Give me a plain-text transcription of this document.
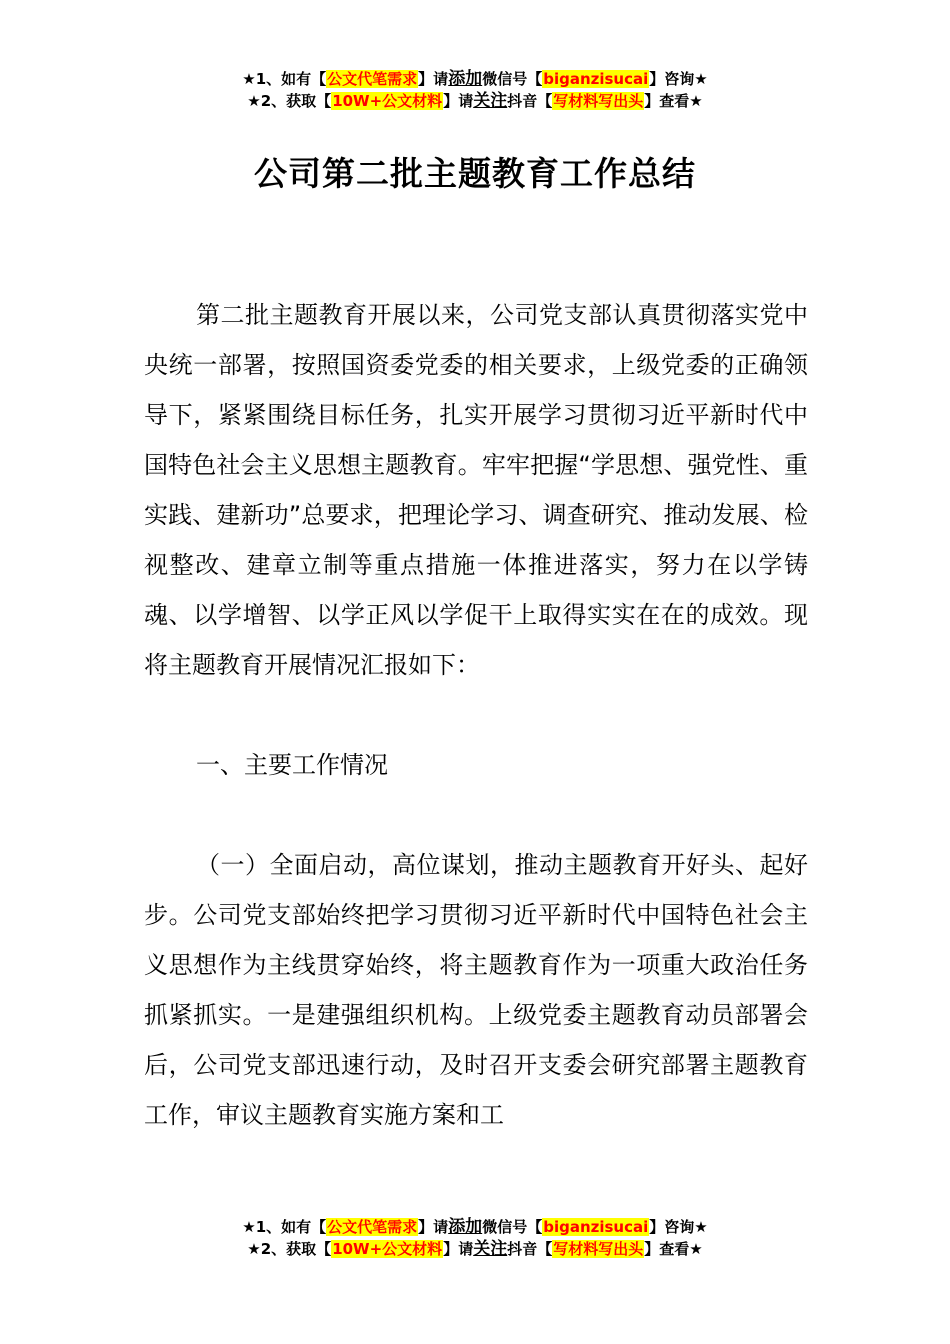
★1、如有【公文代笔需求】请添加微信号【biganzisucai】咨询★
★2、获取【10W+公文材料】请关注抖音【写材料写出头】查看★
公司第二批主题教育工作总结

第二批主题教育开展以来，公司党支部认真贯彻落实党中央统一部署，按照国资委党委的相关要求，上级党委的正确领导下，紧紧围绕目标任务，扎实开展学习贯彻习近平新时代中国特色社会主义思想主题教育。牢牢把握“学思想、强党性、重实践、建新功”总要求，把理论学习、调查研究、推动发展、检视整改、建章立制等重点措施一体推进落实，努力在以学铸魂、以学增智、以学正风以学促干上取得实实在在的成效。现将主题教育开展情况汇报如下：

一、主要工作情况

（一）全面启动，高位谋划，推动主题教育开好头、起好步。公司党支部始终把学习贯彻习近平新时代中国特色社会主义思想作为主线贯穿始终，将主题教育作为一项重大政治任务抓紧抓实。一是建强组织机构。上级党委主题教育动员部署会后，公司党支部迅速行动，及时召开支委会研究部署主题教育工作，审议主题教育实施方案和工

★1、如有【公文代笔需求】请添加微信号【biganzisucai】咨询★
★2、获取【10W+公文材料】请关注抖音【写材料写出头】查看★
